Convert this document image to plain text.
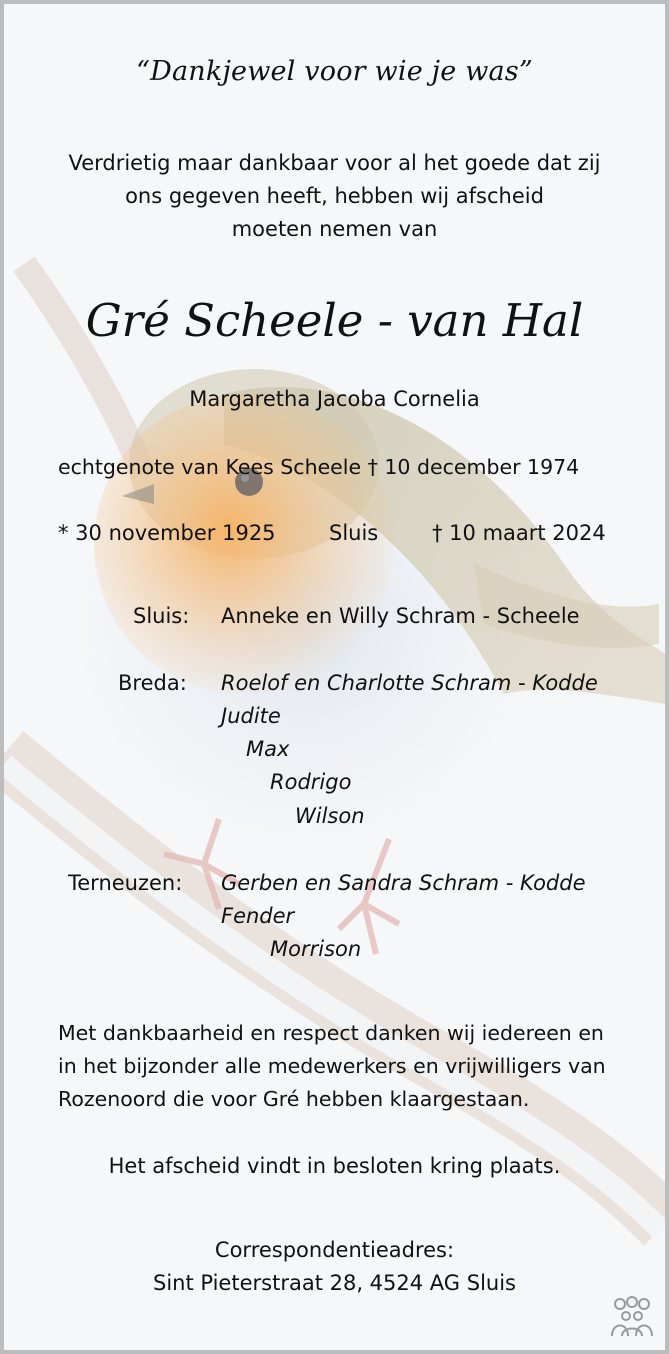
“Dankjewel voor wie je was”
Verdrietig maar dankbaar voor al het goede dat zij
ons gegeven heeft, hebben wij afscheid
moeten nemen van
Gré Scheele - van Hal
Margaretha Jacoba Cornelia
echtgenote van Kees Scheele † 10 december 1974
* 30 november 1925	Sluis	† 10 maart 2024
Sluis: Anneke en Willy Schram - Scheele
Breda: Roelof en Charlotte Schram - Kodde
Judite
Max
Rodrigo
Wilson
Terneuzen: Gerben en Sandra Schram - Kodde
Fender
Morrison
Met dankbaarheid en respect danken wij iedereen en
in het bijzonder alle medewerkers en vrijwilligers van
Rozenoord die voor Gré hebben klaargestaan.
Het afscheid vindt in besloten kring plaats.
Correspondentieadres:
Sint Pieterstraat 28, 4524 AG Sluis
